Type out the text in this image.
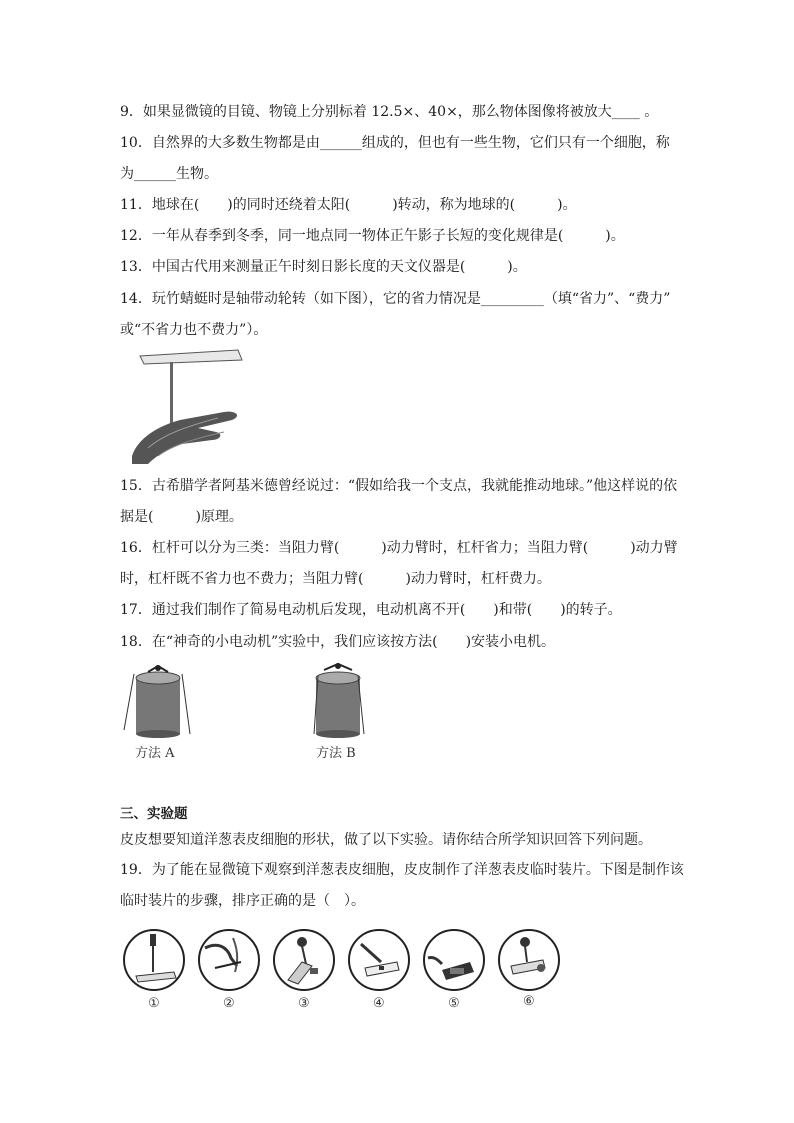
9．如果显微镜的目镜、物镜上分别标着 12.5×、40×，那么物体图像将被放大____ 。
10．自然界的大多数生物都是由______组成的，但也有一些生物，它们只有一个细胞，称
为______生物。
11．地球在(　　)的同时还绕着太阳(　　　)转动，称为地球的(　　　)。
12．一年从春季到冬季，同一地点同一物体正午影子长短的变化规律是(　　　)。
13．中国古代用来测量正午时刻日影长度的天文仪器是(　　　)。
14．玩竹蜻蜓时是轴带动轮转（如下图），它的省力情况是_________（填“省力”、“费力”
或“不省力也不费力”）。
15．古希腊学者阿基米德曾经说过：“假如给我一个支点，我就能推动地球。”他这样说的依
据是(　　　)原理。
16．杠杆可以分为三类：当阻力臂(　　　)动力臂时，杠杆省力；当阻力臂(　　　)动力臂
时，杠杆既不省力也不费力；当阻力臂(　　　)动力臂时，杠杆费力。
17．通过我们制作了简易电动机后发现，电动机离不开(　　)和带(　　)的转子。
18．在“神奇的小电动机”实验中，我们应该按方法(　　)安装小电机。
方法 A	方法 B
三、实验题
皮皮想要知道洋葱表皮细胞的形状，做了以下实验。请你结合所学知识回答下列问题。
19．为了能在显微镜下观察到洋葱表皮细胞，皮皮制作了洋葱表皮临时装片。下图是制作该
临时装片的步骤，排序正确的是（　）。
①	②	③	④	⑤	⑥
